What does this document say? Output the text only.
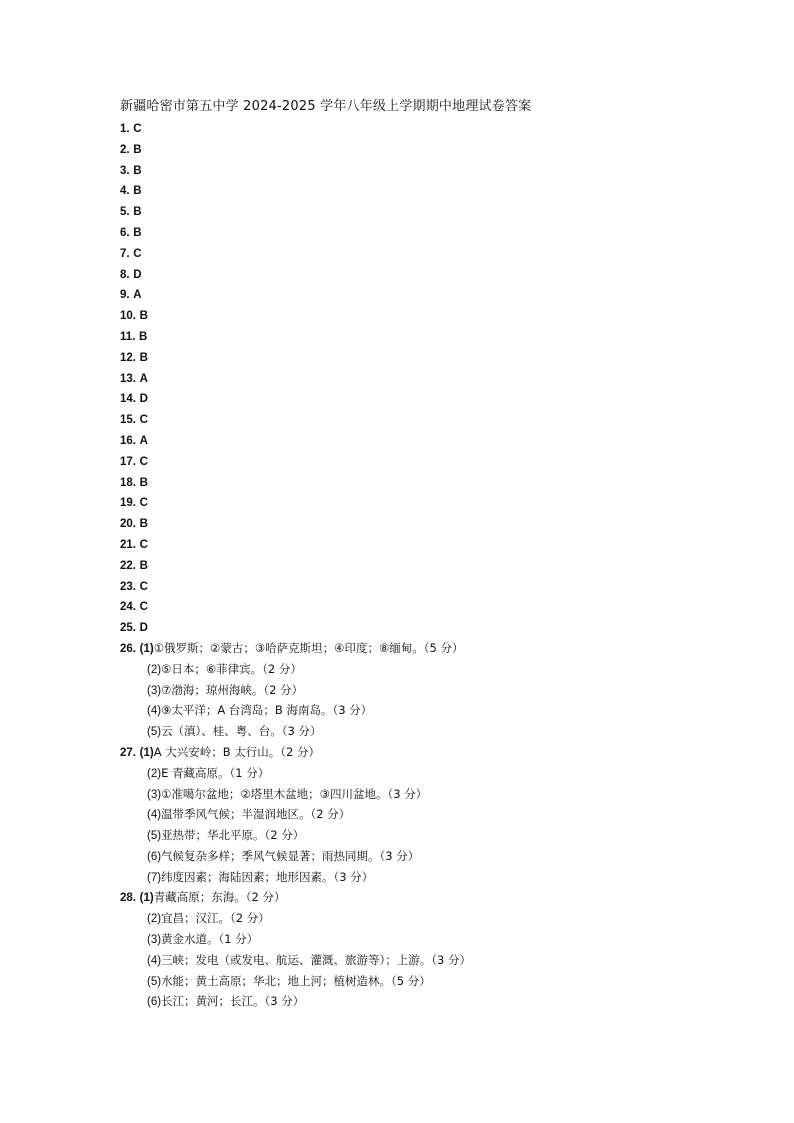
新疆哈密市第五中学 2024-2025 学年八年级上学期期中地理试卷答案
1. C
2. B
3. B
4. B
5. B
6. B
7. C
8. D
9. A
10. B
11. B
12. B
13. A
14. D
15. C
16. A
17. C
18. B
19. C
20. B
21. C
22. B
23. C
24. C
25. D
26. (1)①俄罗斯；②蒙古；③哈萨克斯坦；④印度；⑧缅甸。（5 分）
(2)⑤日本；⑥菲律宾。（2 分）
(3)⑦渤海；琼州海峡。（2 分）
(4)⑨太平洋；A 台湾岛；B 海南岛。（3 分）
(5)云（滇）、桂、粤、台。（3 分）
27. (1)A 大兴安岭；B 太行山。（2 分）
(2)E 青藏高原。（1 分）
(3)①准噶尔盆地；②塔里木盆地；③四川盆地。（3 分）
(4)温带季风气候；半湿润地区。（2 分）
(5)亚热带；华北平原。（2 分）
(6)气候复杂多样；季风气候显著；雨热同期。（3 分）
(7)纬度因素；海陆因素；地形因素。（3 分）
28. (1)青藏高原；东海。（2 分）
(2)宜昌；汉江。（2 分）
(3)黄金水道。（1 分）
(4)三峡；发电（或发电、航运、灌溉、旅游等）；上游。（3 分）
(5)水能；黄土高原；华北；地上河；植树造林。（5 分）
(6)长江；黄河；长江。（3 分）
